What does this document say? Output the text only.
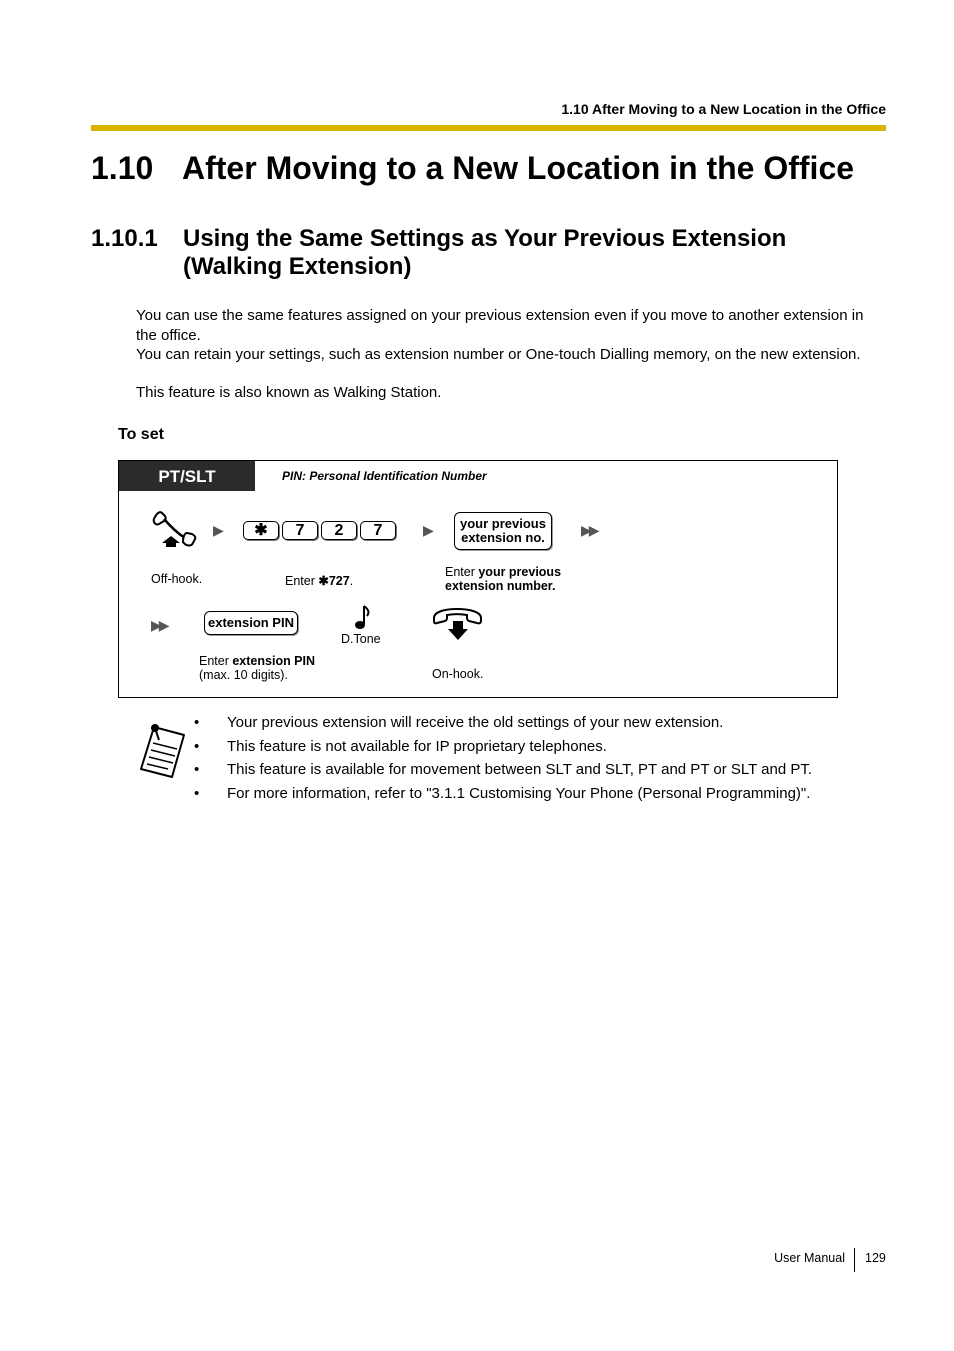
1.10 After Moving to a New Location in the Office
1.10 After Moving to a New Location in the Office
1.10.1 Using the Same Settings as Your Previous Extension (Walking Extension)
You can use the same features assigned on your previous extension even if you move to another extension in the office.
You can retain your settings, such as extension number or One-touch Dialling memory, on the new extension.
This feature is also known as Walking Station.
To set
PT/SLT	PIN: Personal Identification Number
▶	✱	7	2	7	▶	your previous
extension no.	▶▶
Off-hook.	Enter ✱727.
Enter your previous
extension number.
▶▶	extension PIN
D.Tone
Enter extension PIN
(max. 10 digits).	On-hook.
• Your previous extension will receive the old settings of your new extension.
• This feature is not available for IP proprietary telephones.
• This feature is available for movement between SLT and SLT, PT and PT or SLT and PT.
• For more information, refer to "3.1.1 Customising Your Phone (Personal Programming)".
User Manual 129
